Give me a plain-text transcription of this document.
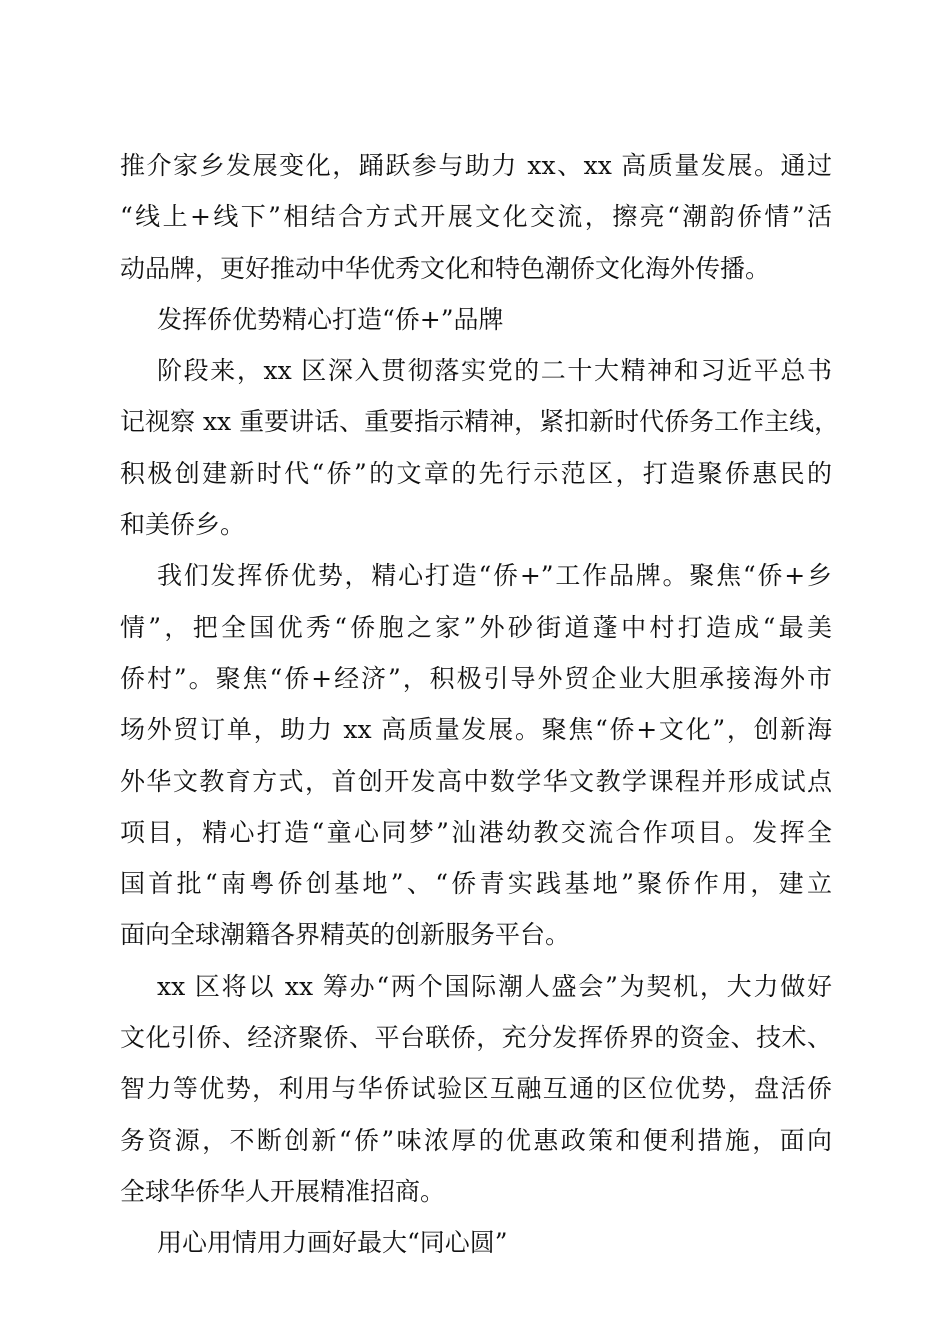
推介家乡发展变化，踊跃参与助力 xx、xx 高质量发展。通过
“线上+线下”相结合方式开展文化交流，擦亮“潮韵侨情”活
动品牌，更好推动中华优秀文化和特色潮侨文化海外传播。
发挥侨优势精心打造“侨+”品牌
阶段来，xx 区深入贯彻落实党的二十大精神和习近平总书
记视察 xx 重要讲话、重要指示精神，紧扣新时代侨务工作主线，
积极创建新时代“侨”的文章的先行示范区，打造聚侨惠民的
和美侨乡。
我们发挥侨优势，精心打造“侨+”工作品牌。聚焦“侨+乡
情”，把全国优秀“侨胞之家”外砂街道蓬中村打造成“最美
侨村”。聚焦“侨+经济”，积极引导外贸企业大胆承接海外市
场外贸订单，助力 xx 高质量发展。聚焦“侨+文化”，创新海
外华文教育方式，首创开发高中数学华文教学课程并形成试点
项目，精心打造“童心同梦”汕港幼教交流合作项目。发挥全
国首批“南粤侨创基地”、“侨青实践基地”聚侨作用，建立
面向全球潮籍各界精英的创新服务平台。
xx 区将以 xx 筹办“两个国际潮人盛会”为契机，大力做好
文化引侨、经济聚侨、平台联侨，充分发挥侨界的资金、技术、
智力等优势，利用与华侨试验区互融互通的区位优势，盘活侨
务资源，不断创新“侨”味浓厚的优惠政策和便利措施，面向
全球华侨华人开展精准招商。
用心用情用力画好最大“同心圆”
